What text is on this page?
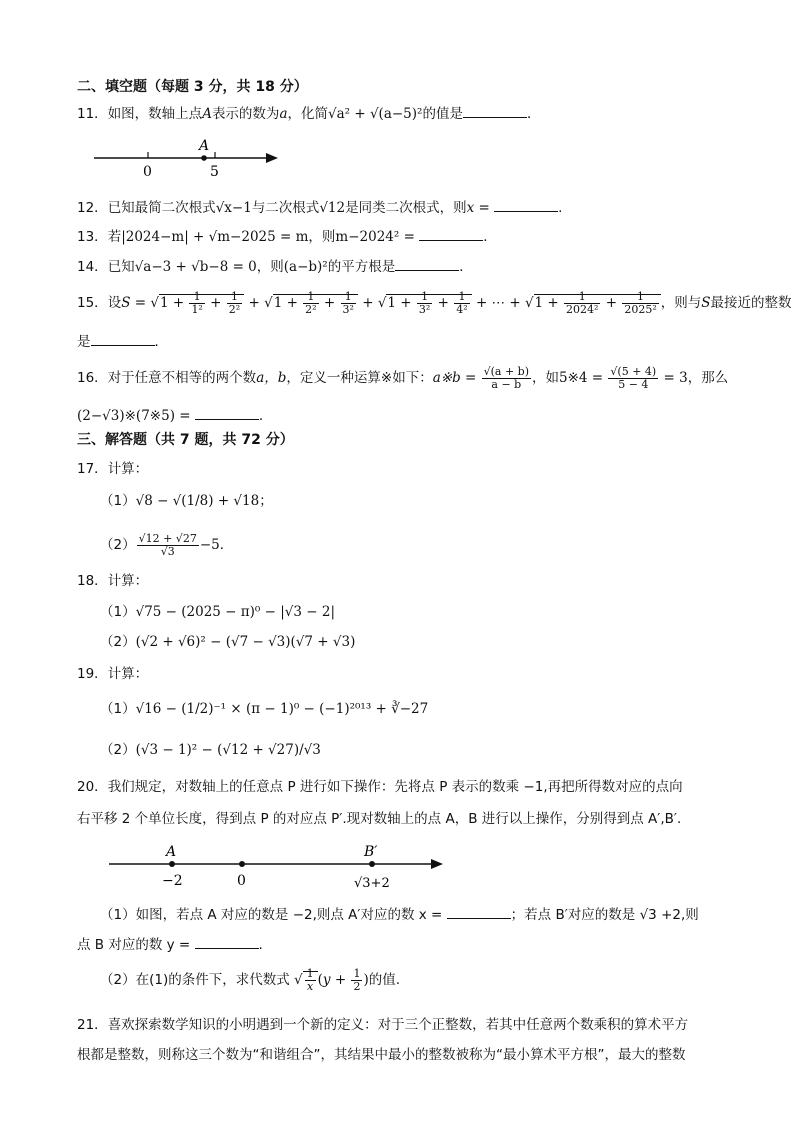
二、填空题（每题 3 分，共 18 分）
11．如图，数轴上点A表示的数为a，化简√a² + √(a−5)²的值是	．
A
0	5
12．已知最简二次根式√x−1与二次根式√12是同类二次根式，则x =	.
13．若|2024−m| + √m−2025 = m，则m−2024² =	．
14．已知√a−3 + √b−8 = 0，则(a−b)²的平方根是	．
15．设$S = √1 + \frac{1}{\text{1²}} + \frac{1}{\text{2²}} + √1 + \frac{1}{\text{2²}} + \frac{1}{\text{3²}} + √1 + \frac{1}{\text{3²}} + \frac{1}{\text{4²}}$ + ⋯ + $√1 + \frac{1}{\text{2024²}} + \frac{1}{\text{2025²}}$ ，则与S最接近的整数
是	．
16．对于任意不相等的两个数a，b，定义一种运算※如下：a※b = $\frac{√(a + b)}{a - b}$ ，如5※4 = $\frac{√(5 + 4)}{5 - 4} = 3$，那么
(2−√3)※(7※5) =	．
三、解答题（共 7 题，共 72 分）
17．计算：
（1）√8 − √(1/8) + √18；
$(2) \frac{√12 + √27}{√3} -5$．
18．计算：
（1）√75 − (2025 − π)⁰ − |√3 − 2|
（2）(√2 + √6)² − (√7 − √3)(√7 + √3)
19．计算：
（1）√16 − (1/2)⁻¹ × (π − 1)⁰ − (−1)²⁰¹³ + ∛−27
（2）(√3 − 1)² − (√12 + √27)/√3
20．我们规定，对数轴上的任意点 P 进行如下操作：先将点 P 表示的数乘 −1,再把所得数对应的点向
右平移 2 个单位长度，得到点 P 的对应点 P′.现对数轴上的点 A，B 进行以上操作，分别得到点 A′,B′.
A
−2	0
B′
√3+2
（1）如图，若点 A 对应的数是 −2,则点 A′对应的数 x =	；若点 B′对应的数是 √3 +2,则
点 B 对应的数 y =	.
（2）在(1)的条件下，求代数式 √ $\frac{1}{x} (y + \frac{1}{2}$ )的值.
21．喜欢探索数学知识的小明遇到一个新的定义：对于三个正整数，若其中任意两个数乘积的算术平方
根都是整数，则称这三个数为“和谐组合”，其结果中最小的整数被称为“最小算术平方根”，最大的整数
